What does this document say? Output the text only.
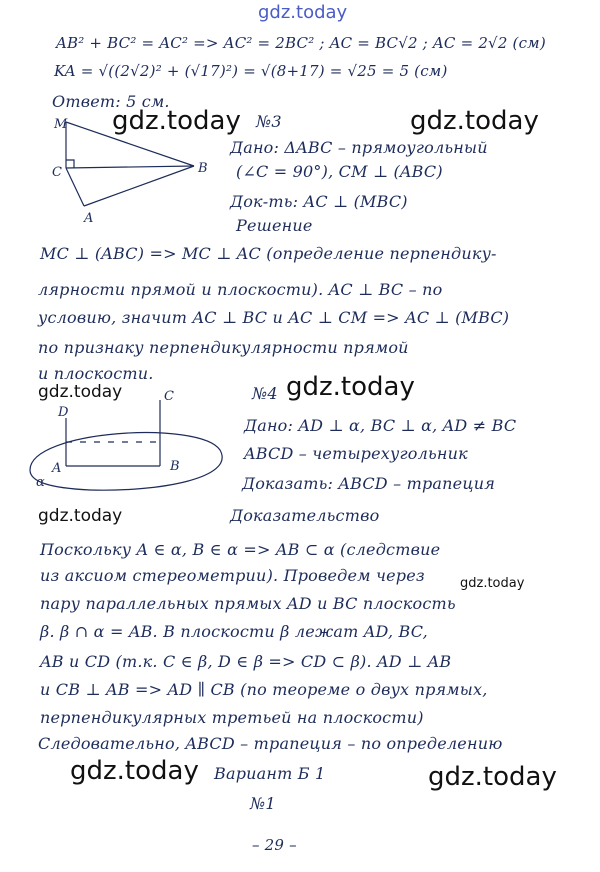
gdz.today
AB² + BC² = AC² => AC² = 2BC² ; AC = BC√2 ; AC = 2√2 (см)
KA = √((2√2)² + (√17)²) = √(8+17) = √25 = 5 (см)
Ответ: 5 см.
gdz.today №3	gdz.today
M
C	B
A
Дано: ΔABC – прямоугольный
(∠C = 90°), CM ⊥ (ABC)
Док-ть: AC ⊥ (MBC)
Решение
MC ⊥ (ABC) => MC ⊥ AC (определение перпендику-
лярности прямой и плоскости). AC ⊥ BC – по
условию, значит AC ⊥ BC и AC ⊥ CM => AC ⊥ (MBC)
по признаку перпендикулярности прямой
и плоскости.
gdz.today	№4 gdz.today
D
C
A	B
α
Дано: AD ⊥ α, BC ⊥ α, AD ≠ BC
ABCD – четырехугольник
Доказать: ABCD – трапеция
gdz.today	Доказательство
Поскольку A ∈ α, B ∈ α => AB ⊂ α (следствие
из аксиом стереометрии). Проведем через	gdz.today
пару параллельных прямых AD и BC плоскость
β. β ∩ α = AB. В плоскости β лежат AD, BC,
AB и CD (т.к. C ∈ β, D ∈ β => CD ⊂ β). AD ⊥ AB
и CB ⊥ AB => AD ∥ CB (по теореме о двух прямых,
перпендикулярных третьей на плоскости)
Следовательно, ABCD – трапеция – по определению
gdz.today Вариант Б 1	gdz.today
№1
– 29 –
